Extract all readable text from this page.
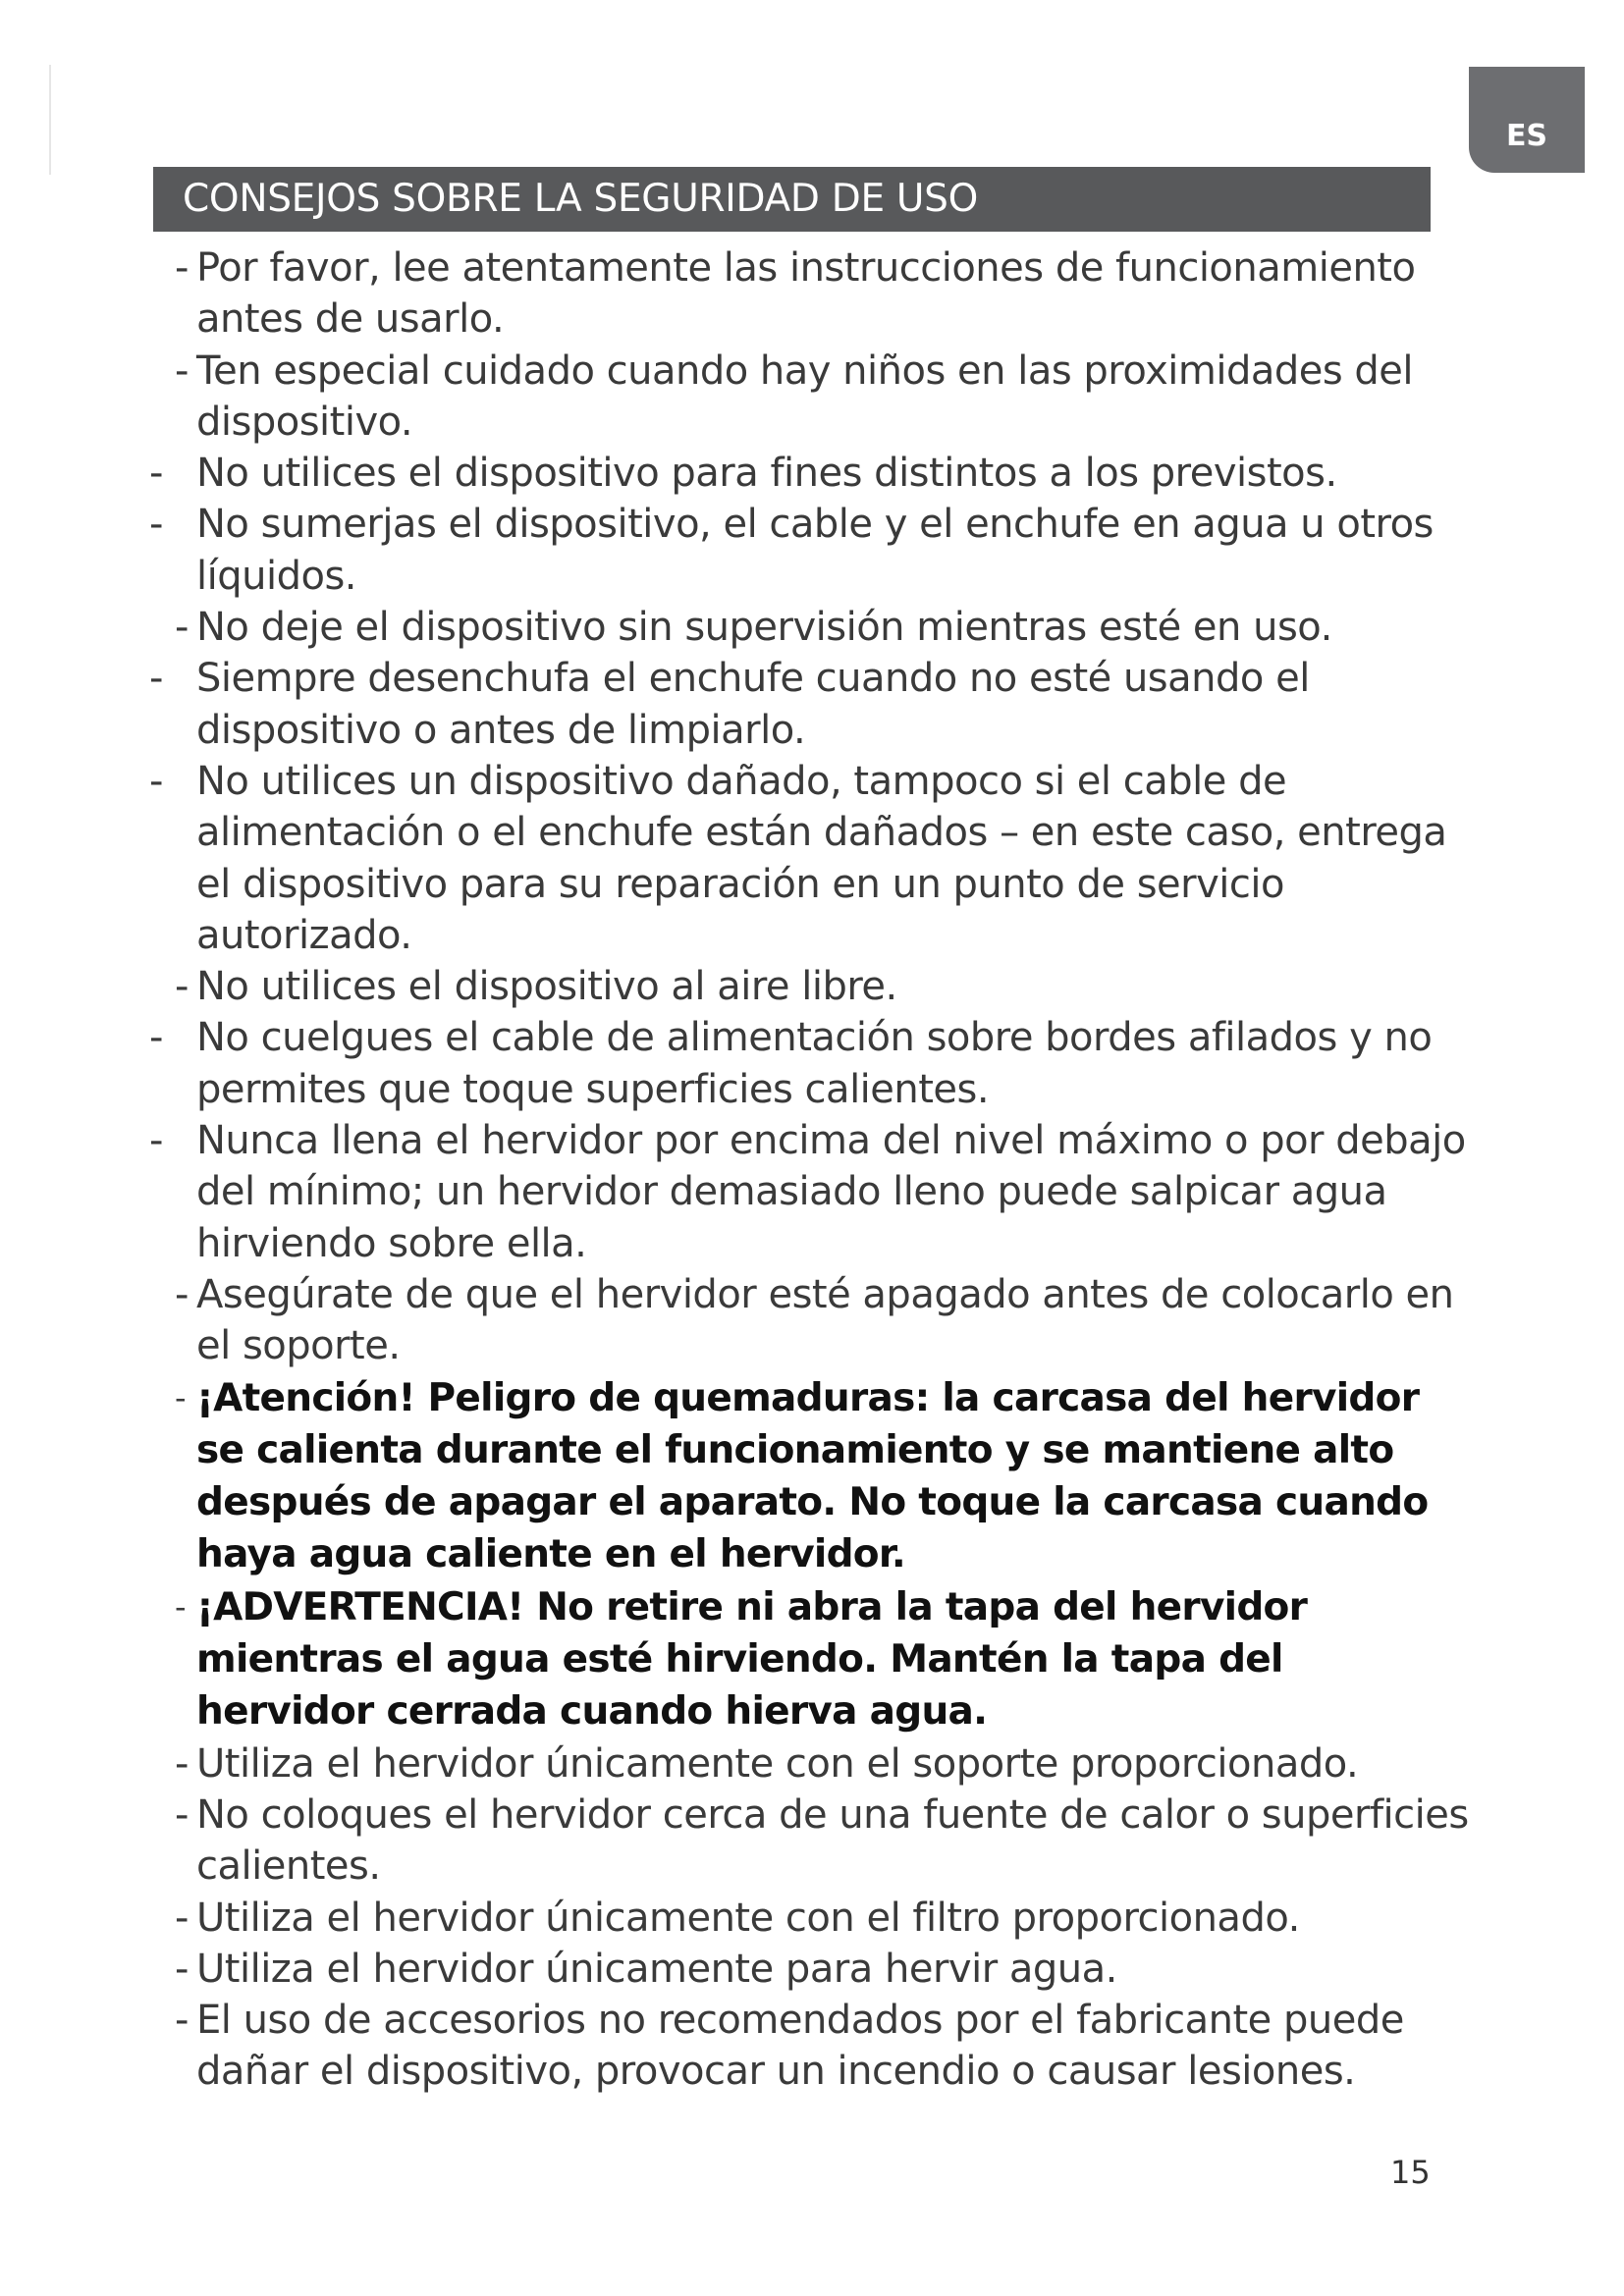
ES
CONSEJOS SOBRE LA SEGURIDAD DE USO
- Por favor, lee atentamente las instrucciones de funcionamiento antes de usarlo.
- Ten especial cuidado cuando hay niños en las proximidades del dispositivo.
- No utilices el dispositivo para fines distintos a los previstos.
- No sumerjas el dispositivo, el cable y el enchufe en agua u otros líquidos.
- No deje el dispositivo sin supervisión mientras esté en uso.
- Siempre desenchufa el enchufe cuando no esté usando el dispositivo o antes de limpiarlo.
- No utilices un dispositivo dañado, tampoco si el cable de alimentación o el enchufe están dañados – en este caso, entrega el dispositivo para su reparación en un punto de servicio autorizado.
- No utilices el dispositivo al aire libre.
- No cuelgues el cable de alimentación sobre bordes afilados y no permites que toque superficies calientes.
- Nunca llena el hervidor por encima del nivel máximo o por debajo del mínimo; un hervidor demasiado lleno puede salpicar agua hirviendo sobre ella.
- Asegúrate de que el hervidor esté apagado antes de colocarlo en el soporte.
- ¡Atención! Peligro de quemaduras: la carcasa del hervidor se calienta durante el funcionamiento y se mantiene alto después de apagar el aparato. No toque la carcasa cuando haya agua caliente en el hervidor.
- ¡ADVERTENCIA! No retire ni abra la tapa del hervidor mientras el agua esté hirviendo. Mantén la tapa del hervidor cerrada cuando hierva agua.
- Utiliza el hervidor únicamente con el soporte proporcionado.
- No coloques el hervidor cerca de una fuente de calor o superficies calientes.
- Utiliza el hervidor únicamente con el filtro proporcionado.
- Utiliza el hervidor únicamente para hervir agua.
- El uso de accesorios no recomendados por el fabricante puede dañar el dispositivo, provocar un incendio o causar lesiones.
15
